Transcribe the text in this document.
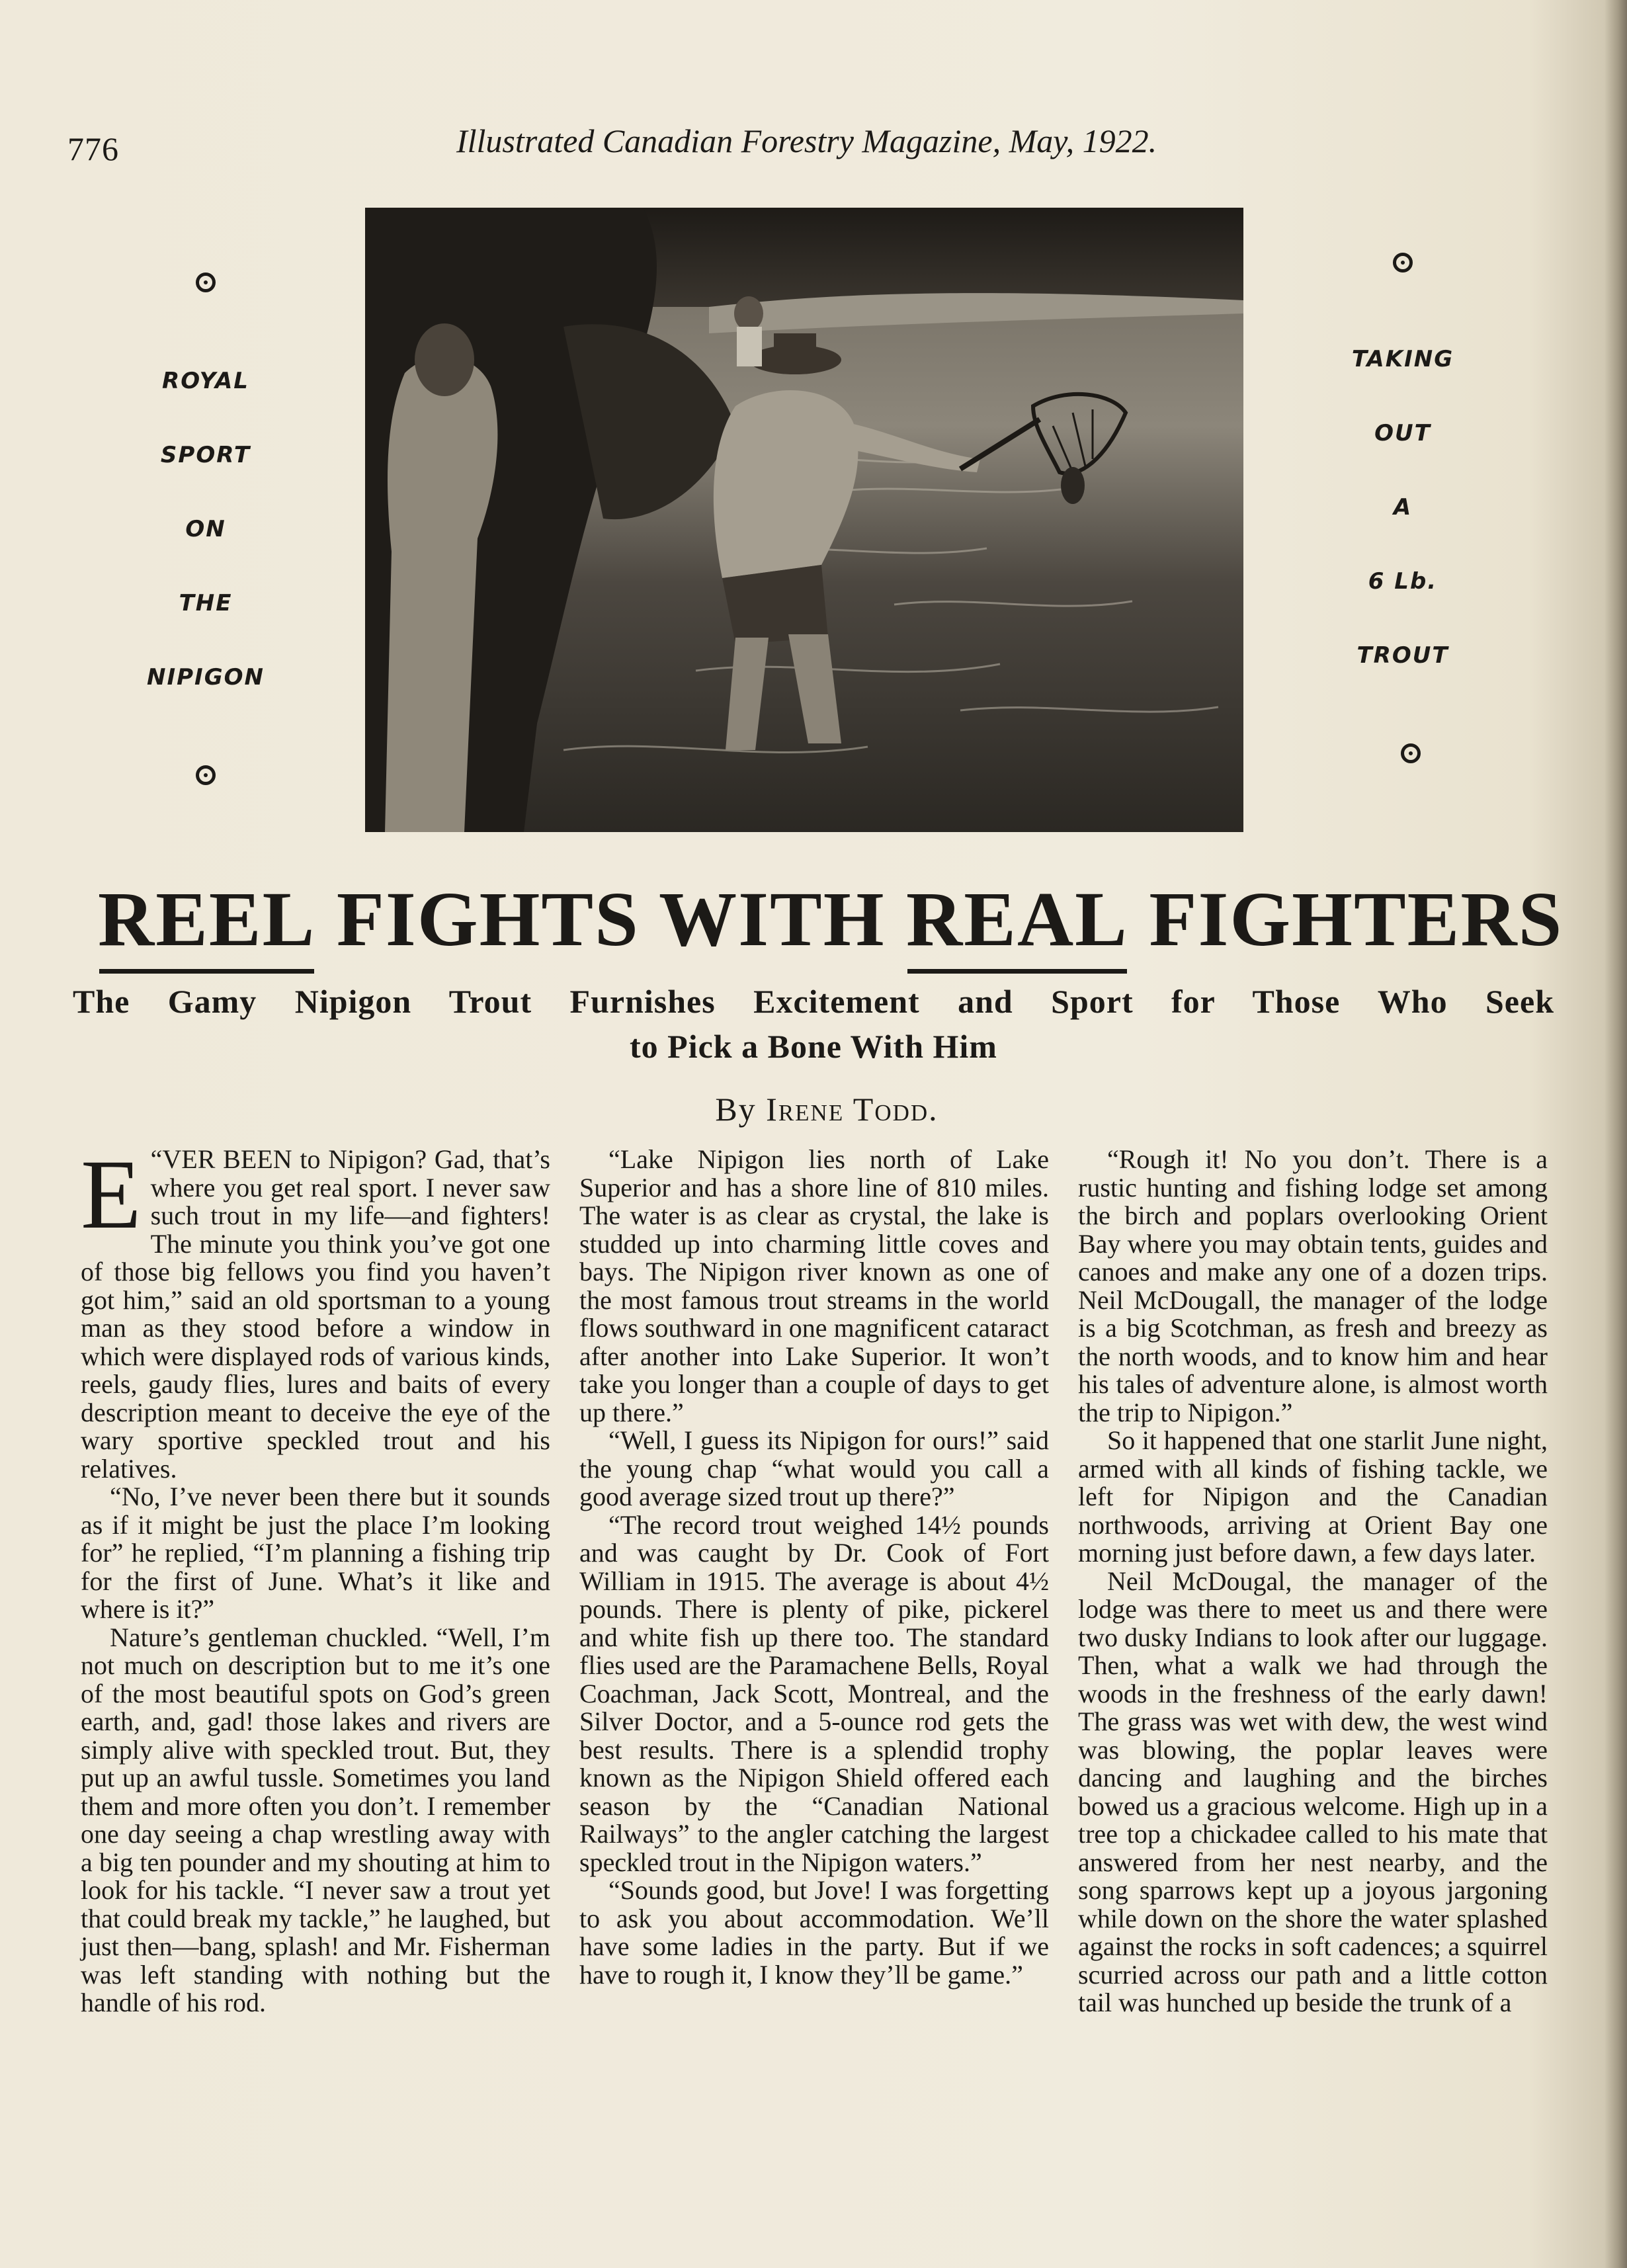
776	Illustrated Canadian Forestry Magazine, May, 1922.
ROYAL
SPORT
ON
THE
NIPIGON
TAKING
OUT
A
6 Lb.
TROUT
REEL FIGHTS WITH REAL FIGHTERS
The Gamy Nipigon Trout Furnishes Excitement and Sport for Those Who Seek
to Pick a Bone With Him
By Irene Todd.

“
E VER BEEN to Nipigon? Gad, that’s where you get real sport. I never saw such trout in my life—and fighters! The minute you think you’ve got one of those big fellows you find you haven’t got him,” said an old sportsman to a young man as they stood before a window in which were displayed rods of various kinds, reels, gaudy flies, lures and baits of every description meant to deceive the eye of the wary sportive speckled trout and his relatives.

“No, I’ve never been there but it sounds as if it might be just the place I’m looking for” he replied, “I’m planning a fishing trip for the first of June. What’s it like and where is it?”

Nature’s gentleman chuckled. “Well, I’m not much on description but to me it’s one of the most beautiful spots on God’s green earth, and, gad! those lakes and rivers are simply alive with speckled trout. But, they put up an awful tussle. Sometimes you land them and more often you don’t. I remember one day seeing a chap wrestling away with a big ten pounder and my shouting at him to look for his tackle. “I never saw a trout yet that could break my tackle,” he laughed, but just then—bang, splash! and Mr. Fisherman was left standing with nothing but the handle of his rod.

“Lake Nipigon lies north of Lake Superior and has a shore line of 810 miles. The water is as clear as crystal, the lake is studded up into charming little coves and bays. The Nipigon river known as one of the most famous trout streams in the world flows southward in one magnificent cataract after another into Lake Superior. It won’t take you longer than a couple of days to get up there.”

“Well, I guess its Nipigon for ours!” said the young chap “what would you call a good average sized trout up there?”

“The record trout weighed 14½ pounds and was caught by Dr. Cook of Fort William in 1915. The average is about 4½ pounds. There is plenty of pike, pickerel and white fish up there too. The standard flies used are the Paramachene Bells, Royal Coachman, Jack Scott, Montreal, and the Silver Doctor, and a 5-ounce rod gets the best results. There is a splendid trophy known as the Nipigon Shield offered each season by the “Canadian National Railways” to the angler catching the largest speckled trout in the Nipigon waters.”

“Sounds good, but Jove! I was forgetting to ask you about accommodation. We’ll have some ladies in the party. But if we have to rough it, I know they’ll be game.”

“Rough it! No you don’t. There is a rustic hunting and fishing lodge set among the birch and poplars overlooking Orient Bay where you may obtain tents, guides and canoes and make any one of a dozen trips. Neil McDougall, the manager of the lodge is a big Scotchman, as fresh and breezy as the north woods, and to know him and hear his tales of adventure alone, is almost worth the trip to Nipigon.”

So it happened that one starlit June night, armed with all kinds of fishing tackle, we left for Nipigon and the Canadian northwoods, arriving at Orient Bay one morning just before dawn, a few days later.

Neil McDougal, the manager of the lodge was there to meet us and there were two dusky Indians to look after our luggage. Then, what a walk we had through the woods in the freshness of the early dawn! The grass was wet with dew, the west wind was blowing, the poplar leaves were dancing and laughing and the birches bowed us a gracious welcome. High up in a tree top a chickadee called to his mate that answered from her nest nearby, and the song sparrows kept up a joyous jargoning while down on the shore the water splashed against the rocks in soft cadences; a squirrel scurried across our path and a little cotton tail was hunched up beside the trunk of a
